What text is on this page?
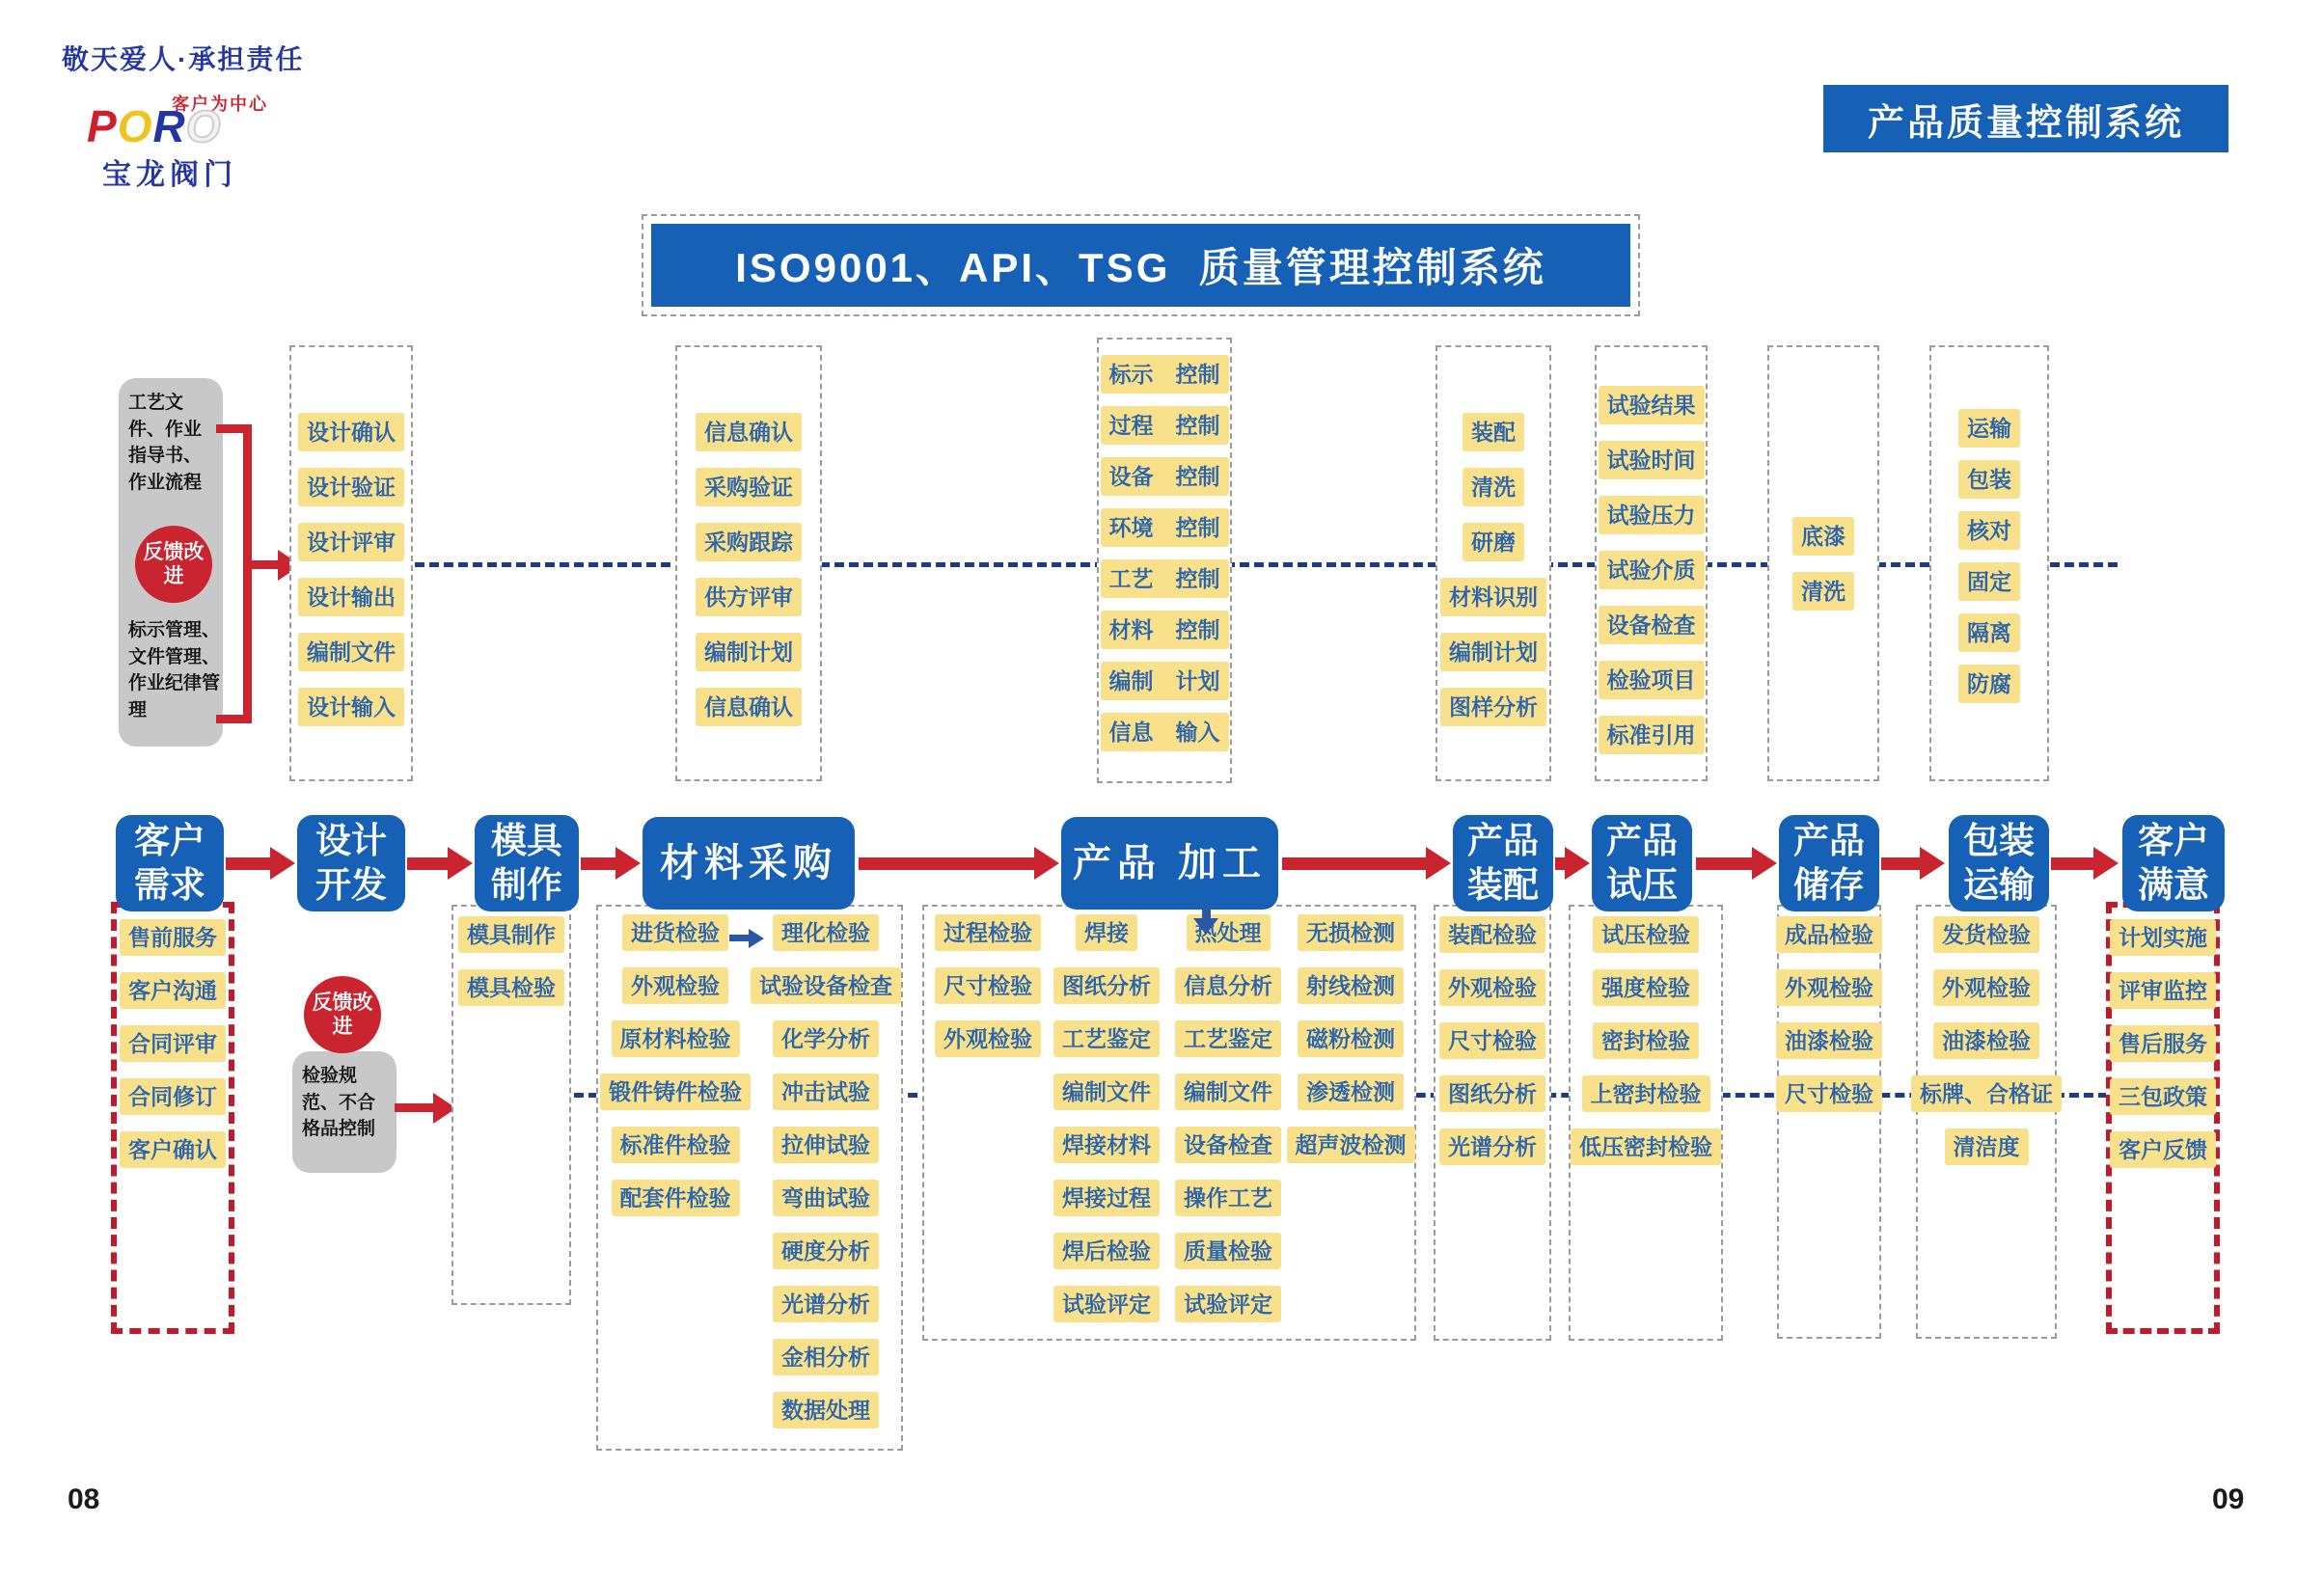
敬天爱人·承担责任
客户为中心
PORO
宝龙阀门
产品质量控制系统
ISO9001、API、TSG  质量管理控制系统
工艺文件、作业指导书、作业流程
标示管理、文件管理、作业纪律管理
反馈改进
设计确认
设计验证
设计评审
设计输出
编制文件
设计输入
信息确认
采购验证
采购跟踪
供方评审
编制计划
信息确认
标示　控制
过程　控制
设备　控制
环境　控制
工艺　控制
材料　控制
编制　计划
信息　输入
装配
清洗
研磨
材料识别
编制计划
图样分析
试验结果
试验时间
试验压力
试验介质
设备检查
检验项目
标准引用
底漆
清洗
运输
包装
核对
固定
隔离
防腐
客户需求
设计开发
模具制作
材料采购	产品 加工
产品装配
产品试压
产品储存
包装运输
客户满意
反馈改进
检验规范、不合格品控制
售前服务
客户沟通
合同评审
合同修订
客户确认
模具制作
模具检验
进货检验
外观检验
原材料检验
锻件铸件检验
标准件检验
配套件检验
理化检验
试验设备检查
化学分析
冲击试验
拉伸试验
弯曲试验
硬度分析
光谱分析
金相分析
数据处理
过程检验
尺寸检验
外观检验
焊接
图纸分析
工艺鉴定
编制文件
焊接材料
焊接过程
焊后检验
试验评定
热处理
信息分析
工艺鉴定
编制文件
设备检查
操作工艺
质量检验
试验评定
无损检测
射线检测
磁粉检测
渗透检测
超声波检测
装配检验
外观检验
尺寸检验
图纸分析
光谱分析
试压检验
强度检验
密封检验
上密封检验
低压密封检验
成品检验
外观检验
油漆检验
尺寸检验
发货检验
外观检验
油漆检验
标牌、合格证
清洁度
计划实施
评审监控
售后服务
三包政策
客户反馈
08	09
